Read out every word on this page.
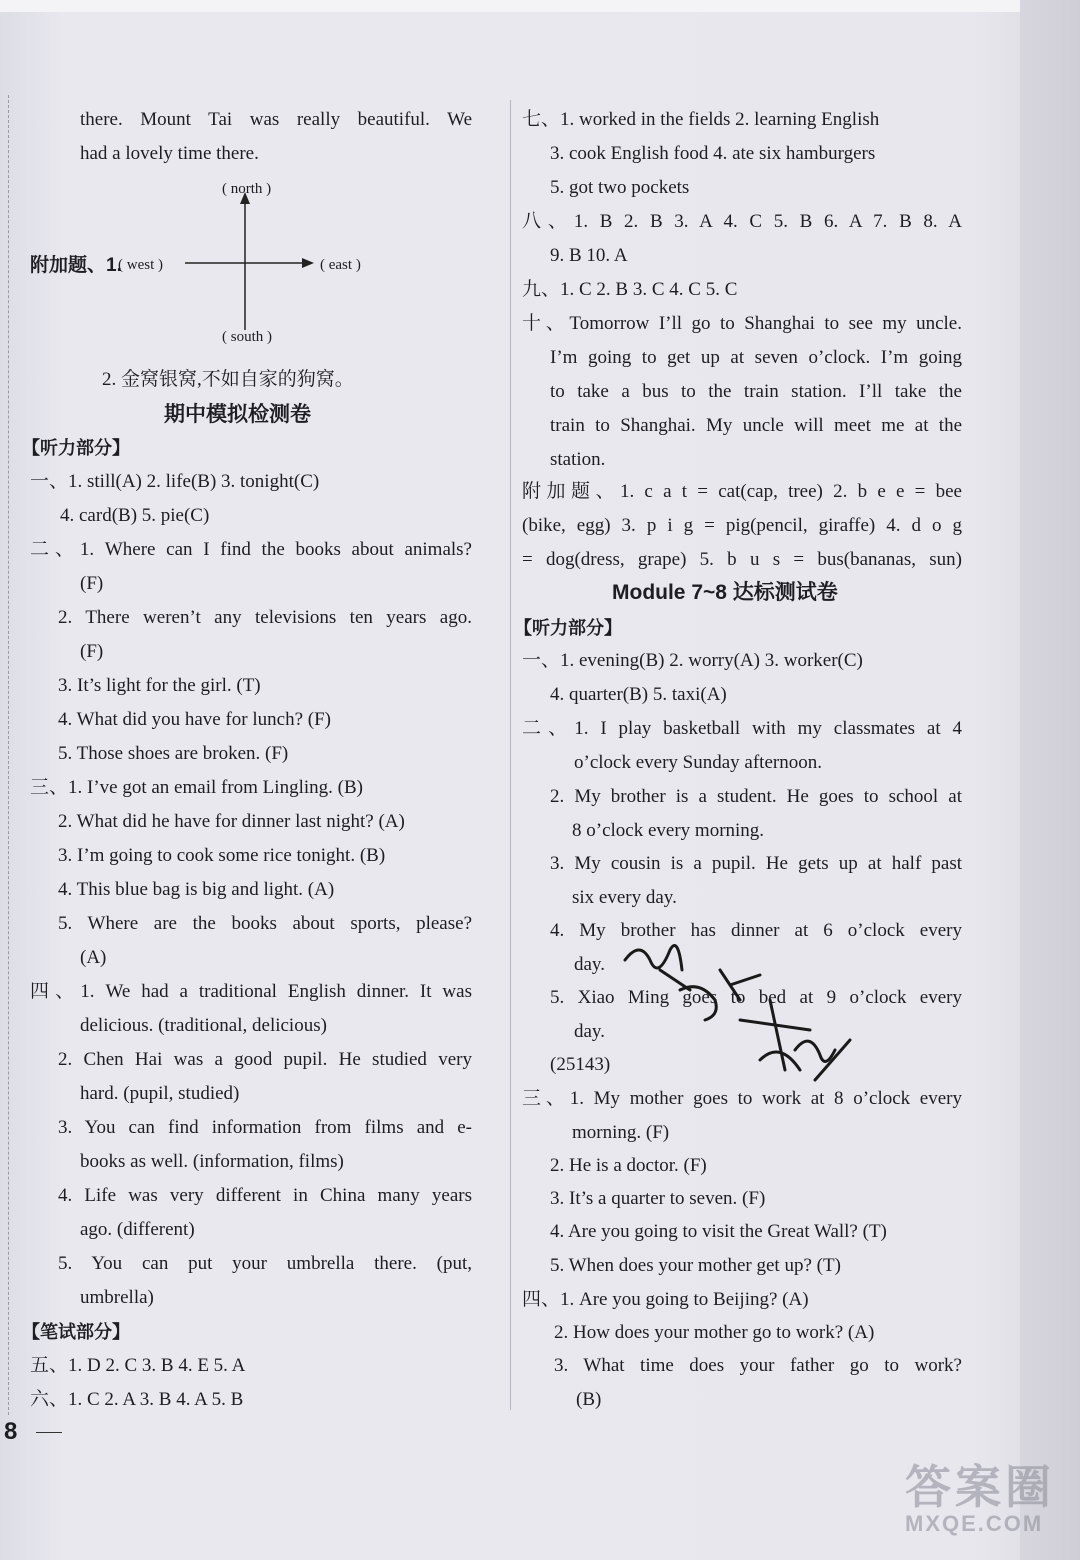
there. Mount Tai was really beautiful. We
had a lovely time there.
附加题、1.
( north )
( south )
( west )	( east )
2. 金窝银窝,不如自家的狗窝。
期中模拟检测卷
【听力部分】
一、1. still(A) 2. life(B) 3. tonight(C)
4. card(B) 5. pie(C)
二、1. Where can I find the books about animals?
(F)
2. There weren’t any televisions ten years ago.
(F)
3. It’s light for the girl. (T)
4. What did you have for lunch? (F)
5. Those shoes are broken. (F)
三、1. I’ve got an email from Lingling. (B)
2. What did he have for dinner last night? (A)
3. I’m going to cook some rice tonight. (B)
4. This blue bag is big and light. (A)
5. Where are the books about sports, please?
(A)
四、1. We had a traditional English dinner. It was
delicious. (traditional, delicious)
2. Chen Hai was a good pupil. He studied very
hard. (pupil, studied)
3. You can find information from films and e-
books as well. (information, films)
4. Life was very different in China many years
ago. (different)
5. You can put your umbrella there. (put,
umbrella)
【笔试部分】
五、1. D 2. C 3. B 4. E 5. A
六、1. C 2. A 3. B 4. A 5. B
七、1. worked in the fields 2. learning English
3. cook English food 4. ate six hamburgers
5. got two pockets
八、1. B 2. B 3. A 4. C 5. B 6. A 7. B 8. A
9. B 10. A
九、1. C 2. B 3. C 4. C 5. C
十、Tomorrow I’ll go to Shanghai to see my uncle.
I’m going to get up at seven o’clock. I’m going
to take a bus to the train station. I’ll take the
train to Shanghai. My uncle will meet me at the
station.
附加题、1. c a t = cat(cap, tree) 2. b e e = bee
(bike, egg) 3. p i g = pig(pencil, giraffe) 4. d o g
= dog(dress, grape) 5. b u s = bus(bananas, sun)
Module 7~8 达标测试卷
【听力部分】
一、1. evening(B) 2. worry(A) 3. worker(C)
4. quarter(B) 5. taxi(A)
二、1. I play basketball with my classmates at 4
o’clock every Sunday afternoon.
2. My brother is a student. He goes to school at
8 o’clock every morning.
3. My cousin is a pupil. He gets up at half past
six every day.
4. My brother has dinner at 6 o’clock every
day.
5. Xiao Ming goes to bed at 9 o’clock every
day.
(25143)
三、1. My mother goes to work at 8 o’clock every
morning. (F)
2. He is a doctor. (F)
3. It’s a quarter to seven. (F)
4. Are you going to visit the Great Wall? (T)
5. When does your mother get up? (T)
四、1. Are you going to Beijing? (A)
2. How does your mother go to work? (A)
3. What time does your father go to work?
(B)
8
答案圈
MXQE.COM
